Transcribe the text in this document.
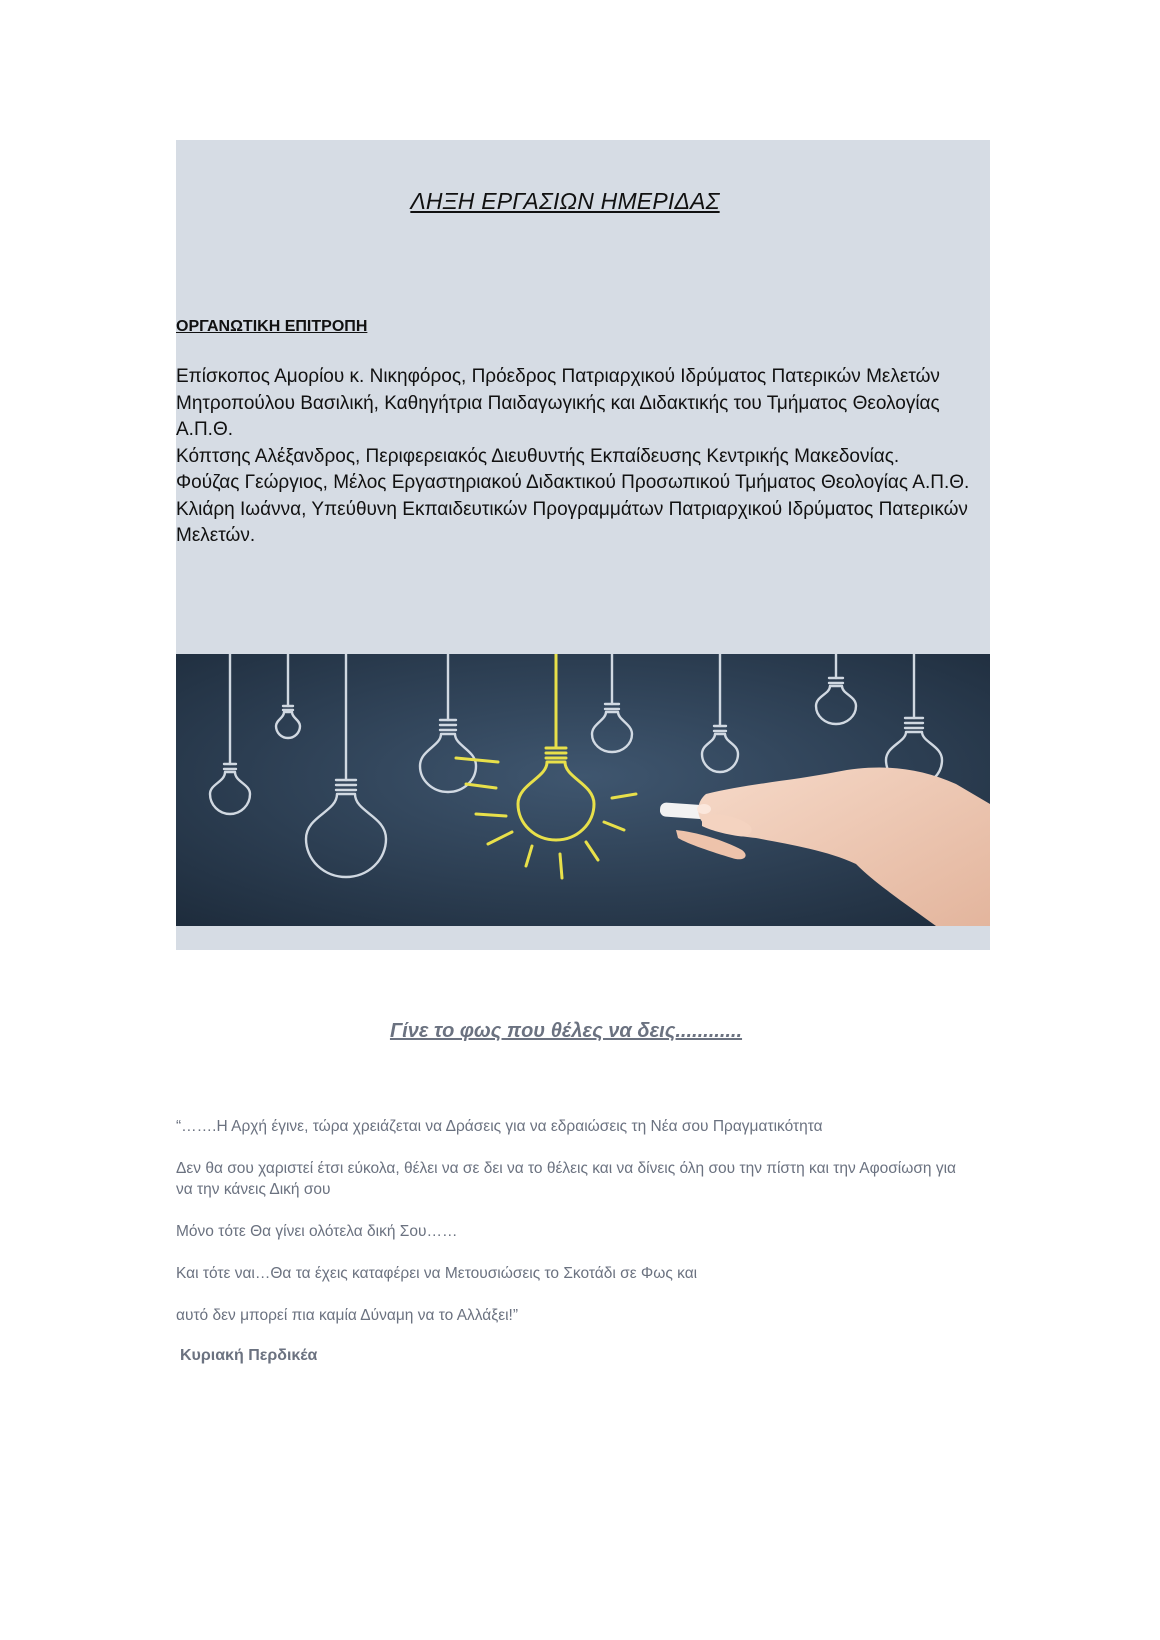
ΛΗΞΗ ΕΡΓΑΣΙΩΝ ΗΜΕΡΙΔΑΣ
ΟΡΓΑΝΩΤΙΚΗ ΕΠΙΤΡΟΠΗ
Επίσκοπος Αμορίου κ. Νικηφόρος, Πρόεδρος Πατριαρχικού Ιδρύματος Πατερικών Μελετών
Μητροπούλου Βασιλική, Καθηγήτρια Παιδαγωγικής και Διδακτικής του Τμήματος Θεολογίας Α.Π.Θ.
Κόπτσης Αλέξανδρος, Περιφερειακός Διευθυντής Εκπαίδευσης Κεντρικής Μακεδονίας.
Φούζας Γεώργιος, Μέλος Εργαστηριακού Διδακτικού Προσωπικού Τμήματος Θεολογίας Α.Π.Θ.
Κλιάρη Ιωάννα, Υπεύθυνη Εκπαιδευτικών Προγραμμάτων Πατριαρχικού Ιδρύματος Πατερικών Μελετών.
Γίνε το φως που θέλες να δεις............

“…….Η Αρχή έγινε, τώρα χρειάζεται να Δράσεις για να εδραιώσεις τη Νέα σου Πραγματικότητα

Δεν θα σου χαριστεί έτσι εύκολα, θέλει να σε δει να το θέλεις και να δίνεις όλη σου την πίστη και την Αφοσίωση για να την κάνεις Δική σου

Μόνο τότε Θα γίνει ολότελα δική Σου……

Και τότε ναι…Θα τα έχεις καταφέρει να Μετουσιώσεις το Σκοτάδι σε Φως και

αυτό δεν μπορεί πια καμία Δύναμη να το Αλλάξει!”

Κυριακή Περδικέα
